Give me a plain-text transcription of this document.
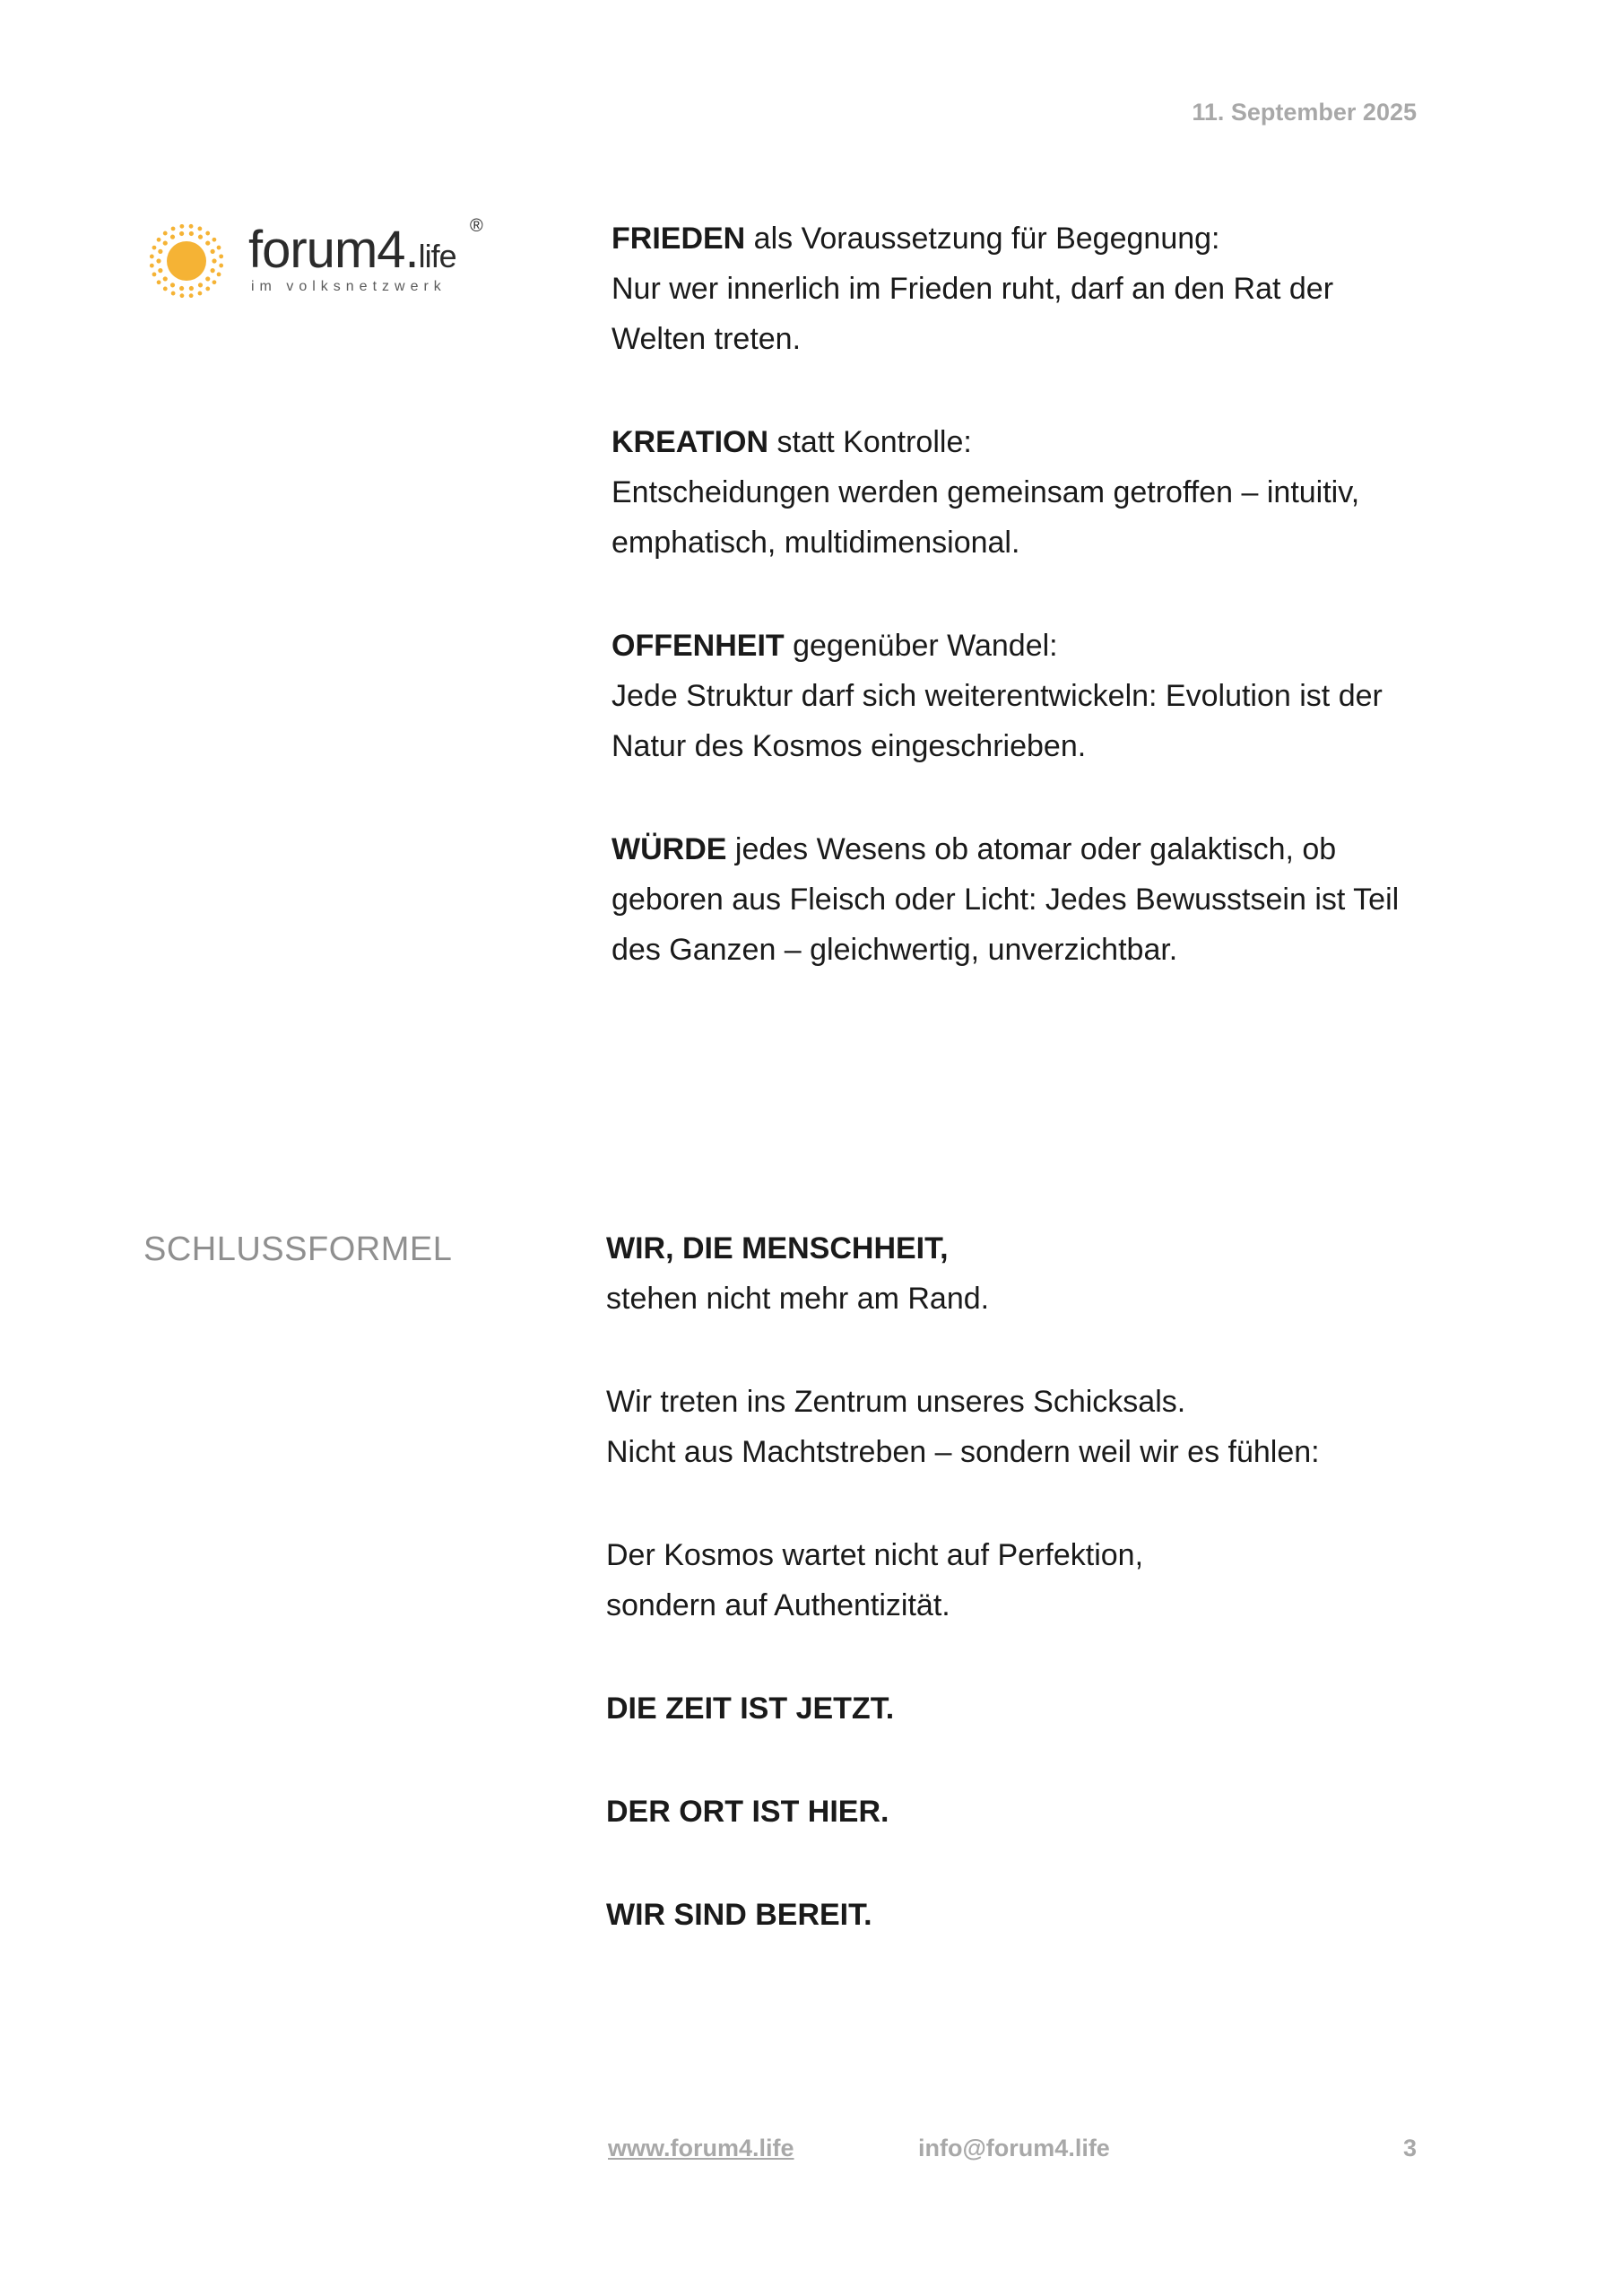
11. September 2025
forum4.life
®
im volksnetzwerk

FRIEDEN als Voraussetzung für Begegnung:
Nur wer innerlich im Frieden ruht, darf an den Rat der Welten treten.

KREATION statt Kontrolle:
Entscheidungen werden gemeinsam getroffen – intuitiv, emphatisch, multidimensional.

OFFENHEIT gegenüber Wandel:
Jede Struktur darf sich weiterentwickeln: Evolution ist der Natur des Kosmos eingeschrieben.

WÜRDE jedes Wesens ob atomar oder galaktisch, ob geboren aus Fleisch oder Licht: Jedes Bewusstsein ist Teil des Ganzen – gleichwertig, unverzichtbar.

SCHLUSSFORMEL	WIR, DIE MENSCHHEIT,
stehen nicht mehr am Rand.

Wir treten ins Zentrum unseres Schicksals.
Nicht aus Machtstreben – sondern weil wir es fühlen:

Der Kosmos wartet nicht auf Perfektion,
sondern auf Authentizität.

DIE ZEIT IST JETZT.

DER ORT IST HIER.

WIR SIND BEREIT.

www.forum4.life	info@forum4.life	3
